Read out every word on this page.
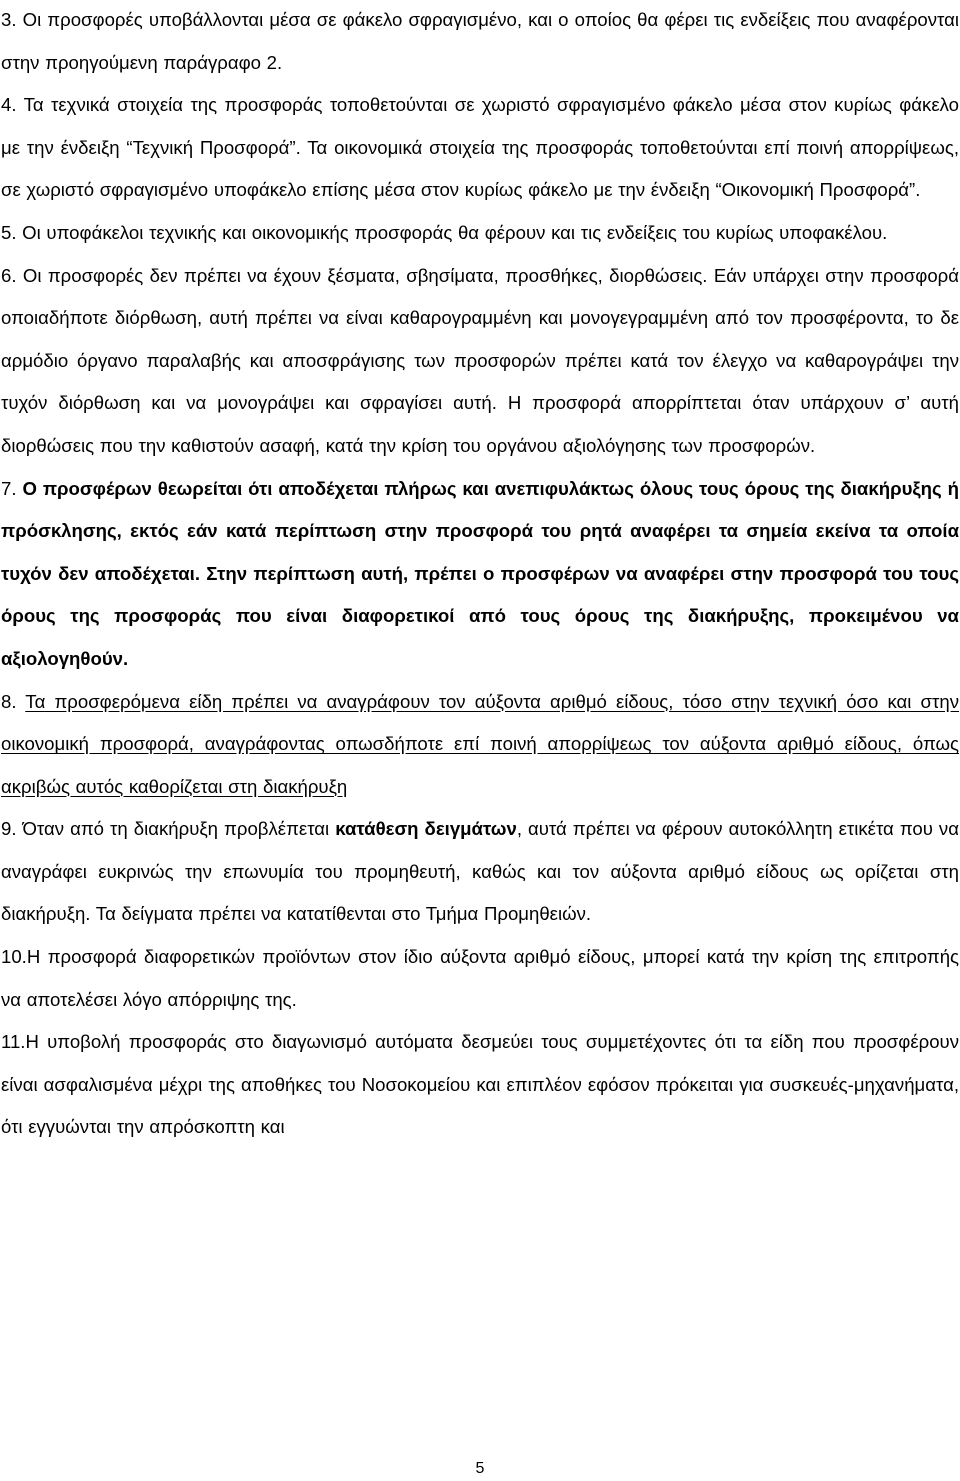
3. Οι προσφορές υποβάλλονται μέσα σε φάκελο σφραγισμένο, και ο οποίος θα φέρει τις ενδείξεις που αναφέρονται στην προηγούμενη παράγραφο 2.

4. Τα τεχνικά στοιχεία της προσφοράς τοποθετούνται σε χωριστό σφραγισμένο φάκελο μέσα στον κυρίως φάκελο με την ένδειξη “Τεχνική Προσφορά”. Τα οικονομικά στοιχεία της προσφοράς τοποθετούνται επί ποινή απορρίψεως, σε χωριστό σφραγισμένο υποφάκελο επίσης μέσα στον κυρίως φάκελο με την ένδειξη “Οικονομική Προσφορά”.

5. Οι υποφάκελοι τεχνικής και οικονομικής προσφοράς θα φέρουν και τις ενδείξεις του κυρίως υποφακέλου.

6. Οι προσφορές δεν πρέπει να έχουν ξέσματα, σβησίματα, προσθήκες, διορθώσεις. Εάν υπάρχει στην προσφορά οποιαδήποτε διόρθωση, αυτή πρέπει να είναι καθαρογραμμένη και μονογεγραμμένη από τον προσφέροντα, το δε αρμόδιο όργανο παραλαβής και αποσφράγισης των προσφορών πρέπει κατά τον έλεγχο να καθαρογράψει την τυχόν διόρθωση και να μονογράψει και σφραγίσει αυτή. Η προσφορά απορρίπτεται όταν υπάρχουν σ’ αυτή διορθώσεις που την καθιστούν ασαφή, κατά την κρίση του οργάνου αξιολόγησης των προσφορών.

7. Ο προσφέρων θεωρείται ότι αποδέχεται πλήρως και ανεπιφυλάκτως όλους τους όρους της διακήρυξης ή πρόσκλησης, εκτός εάν κατά περίπτωση στην προσφορά του ρητά αναφέρει τα σημεία εκείνα τα οποία τυχόν δεν αποδέχεται. Στην περίπτωση αυτή, πρέπει ο προσφέρων να αναφέρει στην προσφορά του τους όρους της προσφοράς που είναι διαφορετικοί από τους όρους της διακήρυξης, προκειμένου να αξιολογηθούν.

8. Τα προσφερόμενα είδη πρέπει να αναγράφουν τον αύξοντα αριθμό είδους, τόσο στην τεχνική όσο και στην οικονομική προσφορά, αναγράφοντας οπωσδήποτε επί ποινή απορρίψεως τον αύξοντα αριθμό είδους, όπως ακριβώς αυτός καθορίζεται στη διακήρυξη

9. Όταν από τη διακήρυξη προβλέπεται κατάθεση δειγμάτων, αυτά πρέπει να φέρουν αυτοκόλλητη ετικέτα που να αναγράφει ευκρινώς την επωνυμία του προμηθευτή, καθώς και τον αύξοντα αριθμό είδους ως ορίζεται στη διακήρυξη. Τα δείγματα πρέπει να κατατίθενται στο Τμήμα Προμηθειών.

10.Η προσφορά διαφορετικών προϊόντων στον ίδιο αύξοντα αριθμό είδους, μπορεί κατά την κρίση της επιτροπής να αποτελέσει λόγο απόρριψης της.

11.Η υποβολή προσφοράς στο διαγωνισμό αυτόματα δεσμεύει τους συμμετέχοντες ότι τα είδη που προσφέρουν είναι ασφαλισμένα μέχρι της αποθήκες του Νοσοκομείου και επιπλέον εφόσον πρόκειται για συσκευές-μηχανήματα, ότι εγγυώνται την απρόσκοπτη και

5
